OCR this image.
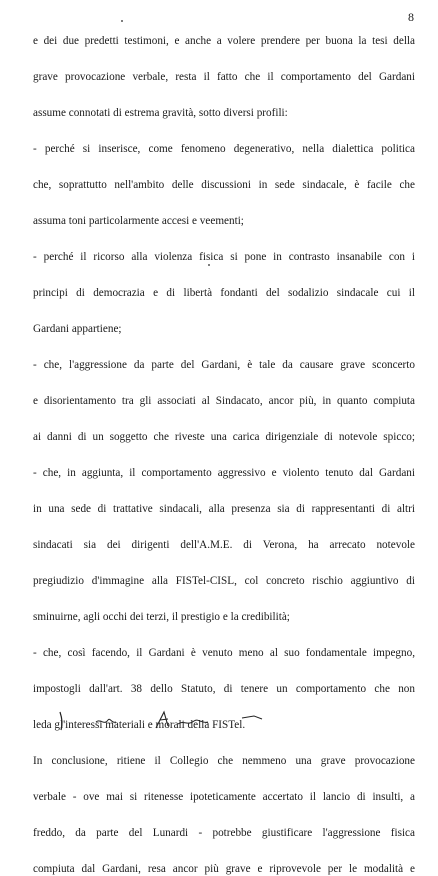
8
e dei due predetti testimoni, e anche a volere prendere per buona la tesi della
grave provocazione verbale, resta il fatto che il comportamento del Gardani
assume connotati di estrema gravità, sotto diversi profili:
- perché si inserisce, come fenomeno degenerativo, nella dialettica politica
che, soprattutto nell'ambito delle discussioni in sede sindacale, è facile che
assuma toni particolarmente accesi e veementi;
- perché il ricorso alla violenza fisica si pone in contrasto insanabile con i
principi di democrazia e di libertà fondanti del sodalizio sindacale cui il
Gardani appartiene;
- che, l'aggressione da parte del Gardani, è tale da causare grave sconcerto
e disorientamento tra gli associati al Sindacato, ancor più, in quanto compiuta
ai danni di un soggetto che riveste una carica dirigenziale di notevole spicco;
- che, in aggiunta, il comportamento aggressivo e violento tenuto dal Gardani
in una sede di trattative sindacali, alla presenza sia di rappresentanti di altri
sindacati sia dei dirigenti dell'A.M.E. di Verona, ha arrecato notevole
pregiudizio d'immagine alla FISTel-CISL, col concreto rischio aggiuntivo di
sminuirne, agli occhi dei terzi, il prestigio e la credibilità;
- che, così facendo, il Gardani è venuto meno al suo fondamentale impegno,
impostogli dall'art. 38 dello Statuto, di tenere un comportamento che non
leda gl'interessi materiali e morali della FISTel.
In conclusione, ritiene il Collegio che nemmeno una grave provocazione
verbale - ove mai si ritenesse ipoteticamente accertato il lancio di insulti, a
freddo, da parte del Lunardi - potrebbe giustificare l'aggressione fisica
compiuta dal Gardani, resa ancor più grave e riprovevole per le modalità e
